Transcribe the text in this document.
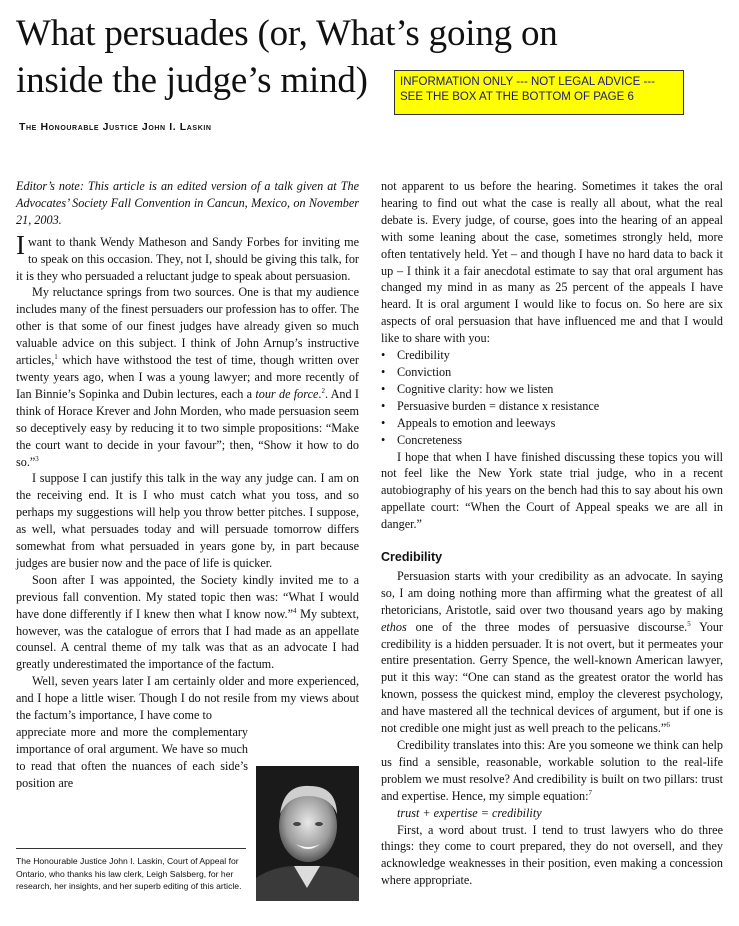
What persuades (or, What’s going on
inside the judge’s mind)	INFORMATION ONLY --- NOT LEGAL ADVICE ---
SEE THE BOX AT THE BOTTOM OF PAGE 6
The Honourable Justice John I. Laskin

Editor’s note: This article is an edited version of a talk given at The Advocates’ Society Fall Convention in Cancun, Mexico, on November 21, 2003.

I want to thank Wendy Matheson and Sandy Forbes for inviting me to speak on this occasion. They, not I, should be giving this talk, for it is they who persuaded a reluctant judge to speak about persuasion.

My reluctance springs from two sources. One is that my audience includes many of the finest persuaders our profession has to offer. The other is that some of our finest judges have already given so much valuable advice on this subject. I think of John Arnup’s instructive articles,$^1$ which have withstood the test of time, though written over twenty years ago, when I was a young lawyer; and more recently of Ian Binnie’s Sopinka and Dubin lectures, each a tour de force.$^2$. And I think of Horace Krever and John Morden, who made persuasion seem so deceptively easy by reducing it to two simple propositions: “Make the court want to decide in your favour”; then, “Show it how to do so.”$^3$

I suppose I can justify this talk in the way any judge can. I am on the receiving end. It is I who must catch what you toss, and so perhaps my suggestions will help you throw better pitches. I suppose, as well, what persuades today and will persuade tomorrow differs somewhat from what persuaded in years gone by, in part because judges are busier now and the pace of life is quicker.

Soon after I was appointed, the Society kindly invited me to a previous fall convention. My stated topic then was: “What I would have done differently if I knew then what I know now.”$^4$ My subtext, however, was the catalogue of errors that I had made as an appellate counsel. A central theme of my talk was that as an advocate I had greatly underestimated the importance of the factum.

Well, seven years later I am certainly older and more experienced, and I hope a little wiser. Though I do not resile from my views about the factum’s importance, I have come to

appreciate more and more the complementary importance of oral argument. We have so much to read that often the nuances of each side’s position are

The Honourable Justice John I. Laskin, Court of Appeal for Ontario, who thanks his law clerk, Leigh Salsberg, for her research, her insights, and her superb editing of this article.

not apparent to us before the hearing. Sometimes it takes the oral hearing to find out what the case is really all about, what the real debate is. Every judge, of course, goes into the hearing of an appeal with some leaning about the case, sometimes strongly held, more often tentatively held. Yet – and though I have no hard data to back it up – I think it a fair anecdotal estimate to say that oral argument has changed my mind in as many as 25 percent of the appeals I have heard. It is oral argument I would like to focus on. So here are six aspects of oral persuasion that have influenced me and that I would like to share with you:

• Credibility
• Conviction
• Cognitive clarity: how we listen
• Persuasive burden = distance x resistance
• Appeals to emotion and leeways
• Concreteness

I hope that when I have finished discussing these topics you will not feel like the New York state trial judge, who in a recent autobiography of his years on the bench had this to say about his own appellate court: “When the Court of Appeal speaks we are all in danger.”

Credibility

Persuasion starts with your credibility as an advocate. In saying so, I am doing nothing more than affirming what the greatest of all rhetoricians, Aristotle, said over two thousand years ago by making ethos one of the three modes of persuasive discourse.$^5$ Your credibility is a hidden persuader. It is not overt, but it permeates your entire presentation. Gerry Spence, the well-known American lawyer, put it this way: “One can stand as the greatest orator the world has known, possess the quickest mind, employ the cleverest psychology, and have mastered all the technical devices of argument, but if one is not credible one might just as well preach to the pelicans.”$^6$

Credibility translates into this: Are you someone we think can help us find a sensible, reasonable, workable solution to the real-life problem we must resolve? And credibility is built on two pillars: trust and expertise. Hence, my simple equation:$^7$

trust + expertise = credibility

First, a word about trust. I tend to trust lawyers who do three things: they come to court prepared, they do not oversell, and they acknowledge weaknesses in their position, even making a concession where appropriate.
